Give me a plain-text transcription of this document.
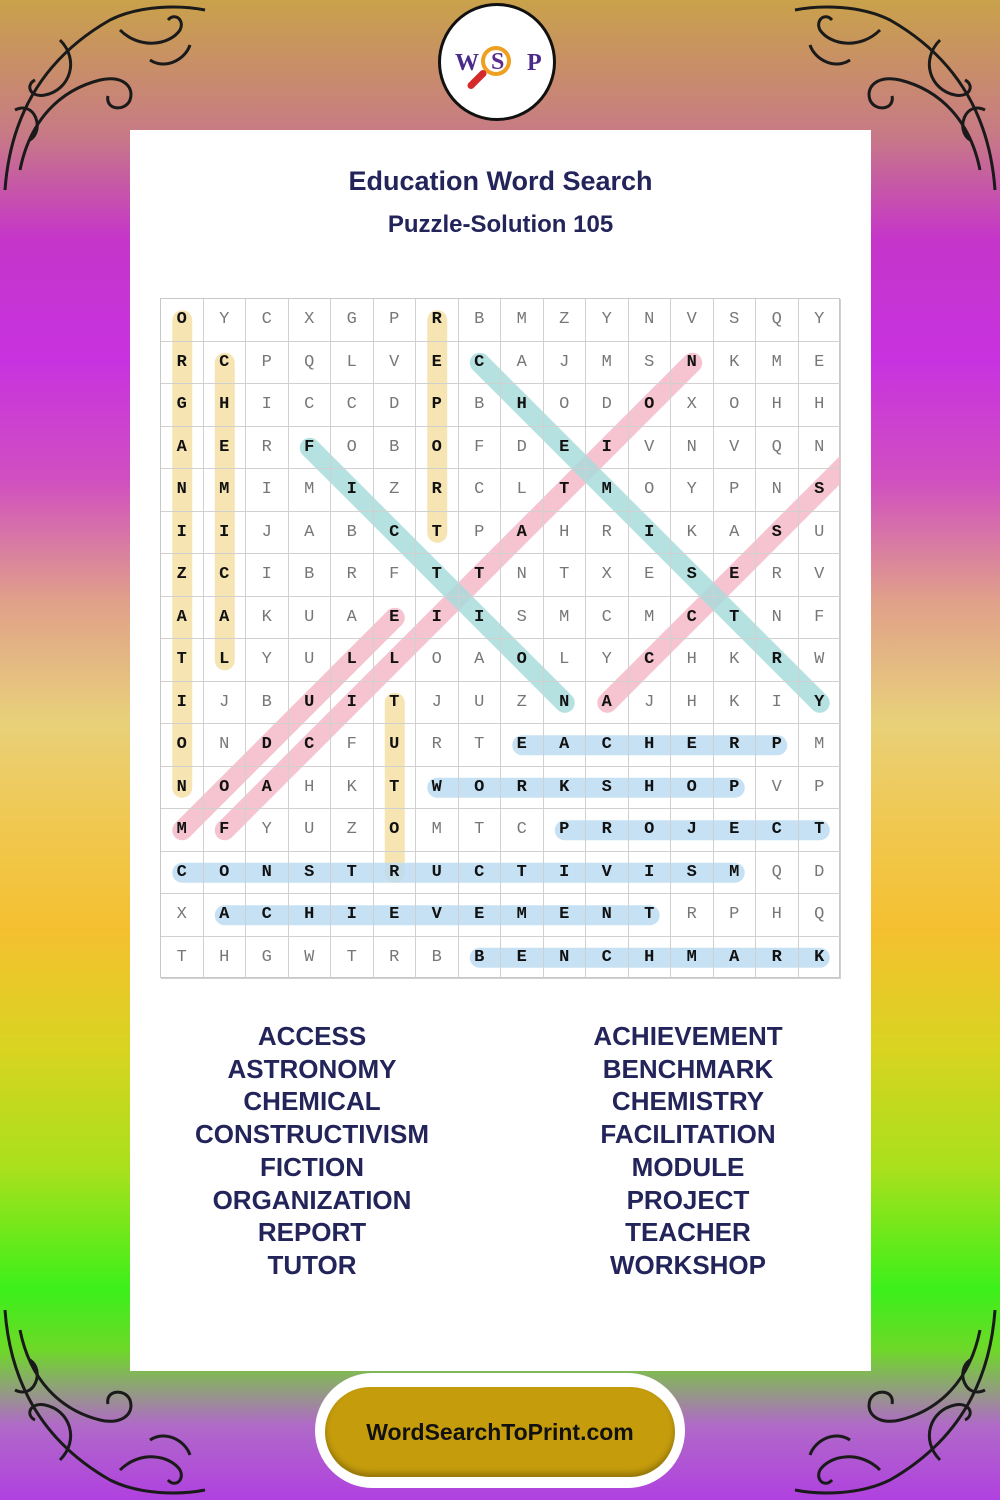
W S P
Education Word Search
Puzzle-Solution 105
O	Y	C	X	G	P	R	B	M	Z	Y	N	V	S	Q	Y
R	C	P	Q	L	V	E	C	A	J	M	S	N	K	M	E
G	H	I	C	C	D	P	B	H	O	D	O	X	O	H	H
A	E	R	F	O	B	O	F	D	E	I	V	N	V	Q	N
N	M	I	M	I	Z	R	C	L	T	M	O	Y	P	N	S
I	I	J	A	B	C	T	P	A	H	R	I	K	A	S	U
Z	C	I	B	R	F	T	T	N	T	X	E	S	E	R	V
A	A	K	U	A	E	I	I	S	M	C	M	C	T	N	F
T	L	Y	U	L	L	O	A	O	L	Y	C	H	K	R	W
I	J	B	U	I	T	J	U	Z	N	A	J	H	K	I	Y
O	N	D	C	F	U	R	T	E	A	C	H	E	R	P	M
N	O	A	H	K	T	W	O	R	K	S	H	O	P	V	P
M	F	Y	U	Z	O	M	T	C	P	R	O	J	E	C	T
C	O	N	S	T	R	U	C	T	I	V	I	S	M	Q	D
X	A	C	H	I	E	V	E	M	E	N	T	R	P	H	Q
T	H	G	W	T	R	B	B	E	N	C	H	M	A	R	K
ACCESS
ASTRONOMY
CHEMICAL
CONSTRUCTIVISM
FICTION
ORGANIZATION
REPORT
TUTOR
ACHIEVEMENT
BENCHMARK
CHEMISTRY
FACILITATION
MODULE
PROJECT
TEACHER
WORKSHOP
WordSearchToPrint.com
